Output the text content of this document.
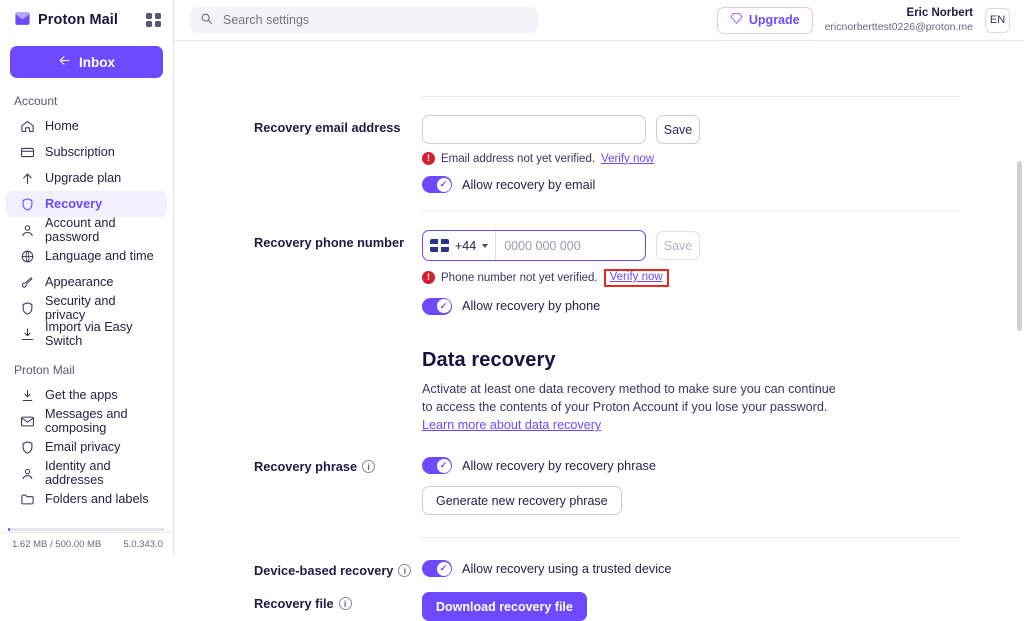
Proton Mail
Inbox
Account
Home
Subscription
Upgrade plan
Recovery
Account and password
Language and time
Appearance
Security and privacy
Import via Easy Switch
Proton Mail
Get the apps
Messages and composing
Email privacy
Identity and addresses
Folders and labels
1.62 MB / 500.00 MB 5.0.343.0
Search settings
Upgrade	Eric Norbert
ericnorberttest0226@proton.me
EN
Recovery email address	Save
! Email address not yet verified. Verify now
✓ Allow recovery by email
Recovery phone number	+44
0000 000 000	Save
! Phone number not yet verified.	Verify now
✓ Allow recovery by phone
Data recovery
Activate at least one data recovery method to make sure you can continue to access the contents of your Proton Account if you lose your password.
Learn more about data recovery
Recovery phrase	i	✓ Allow recovery by recovery phrase
Generate new recovery phrase
Device-based recovery	i	✓ Allow recovery using a trusted device
Recovery file	i	Download recovery file
